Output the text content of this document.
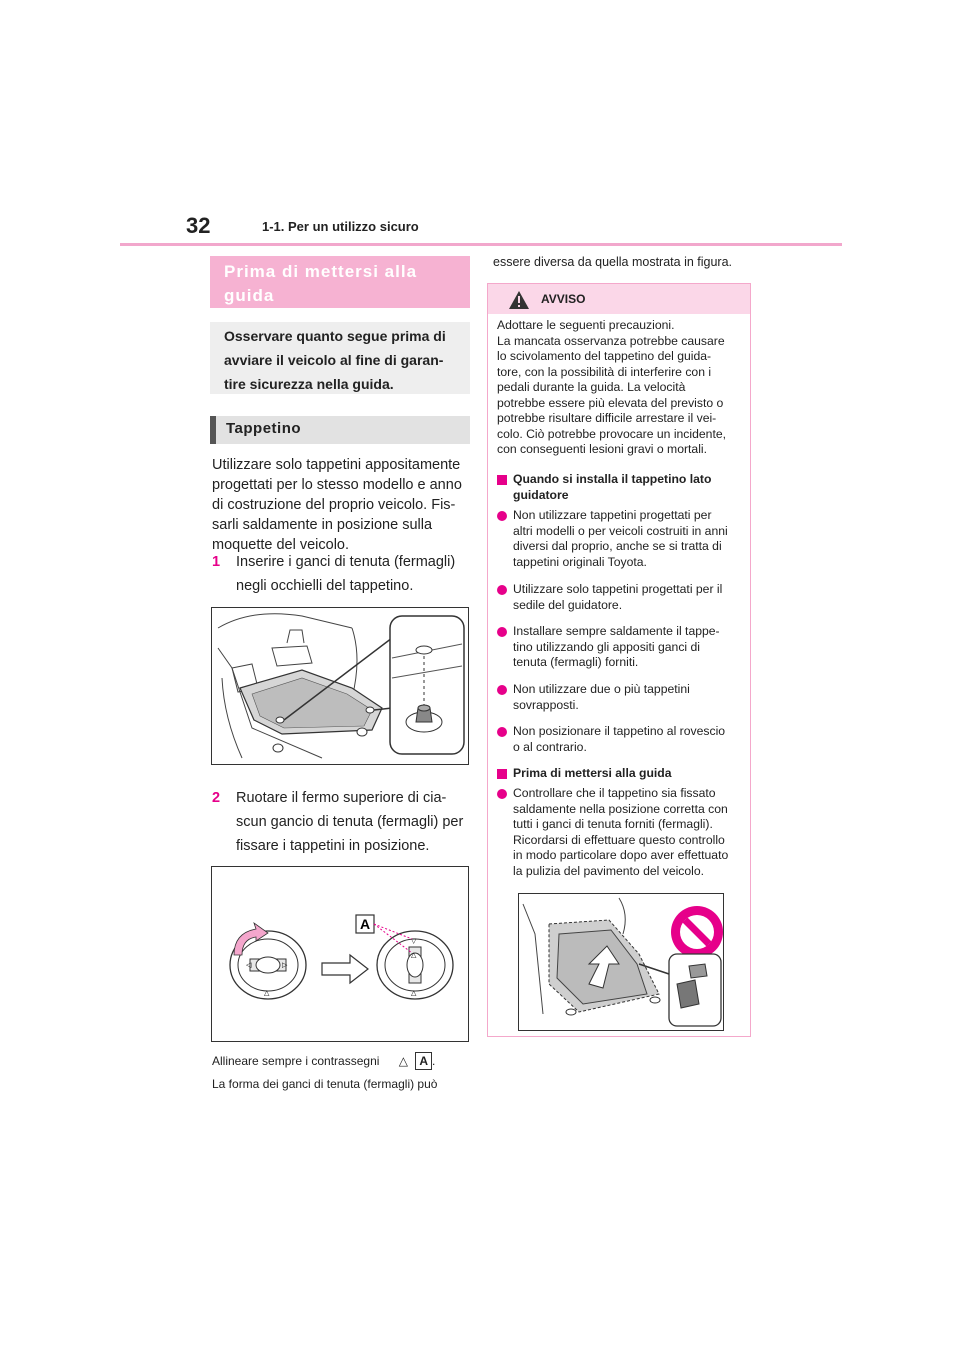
32	1-1. Per un utilizzo sicuro
Prima di mettersi alla guida

Osservare quanto segue prima di

avviare il veicolo al fine di garan-

tire sicurezza nella guida.

Tappetino
Utilizzare solo tappetini appositamente
progettati per lo stesso modello e anno
di costruzione del proprio veicolo. Fis-
sarli saldamente in posizione sulla
moquette del veicolo.
1 Inserire i ganci di tenuta (fermagli)
negli occhielli del tappetino.
2 Ruotare il fermo superiore di cia-
scun gancio di tenuta (fermagli) per
fissare i tappetini in posizione.
△
◁	▷
△
▽
△
A
Allineare sempre i contrassegni △ A .
La forma dei ganci di tenuta (fermagli) può
essere diversa da quella mostrata in figura.
AVVISO
Adottare le seguenti precauzioni.
La mancata osservanza potrebbe causare
lo scivolamento del tappetino del guida-
tore, con la possibilità di interferire con i
pedali durante la guida. La velocità
potrebbe essere più elevata del previsto o
potrebbe risultare difficile arrestare il vei-
colo. Ciò potrebbe provocare un incidente,
con conseguenti lesioni gravi o mortali.
Quando si installa il tappetino lato
guidatore
Non utilizzare tappetini progettati per
altri modelli o per veicoli costruiti in anni
diversi dal proprio, anche se si tratta di
tappetini originali Toyota.
Utilizzare solo tappetini progettati per il
sedile del guidatore.
Installare sempre saldamente il tappe-
tino utilizzando gli appositi ganci di
tenuta (fermagli) forniti.
Non utilizzare due o più tappetini
sovrapposti.
Non posizionare il tappetino al rovescio
o al contrario.
Prima di mettersi alla guida
Controllare che il tappetino sia fissato
saldamente nella posizione corretta con
tutti i ganci di tenuta forniti (fermagli).
Ricordarsi di effettuare questo controllo
in modo particolare dopo aver effettuato
la pulizia del pavimento del veicolo.
